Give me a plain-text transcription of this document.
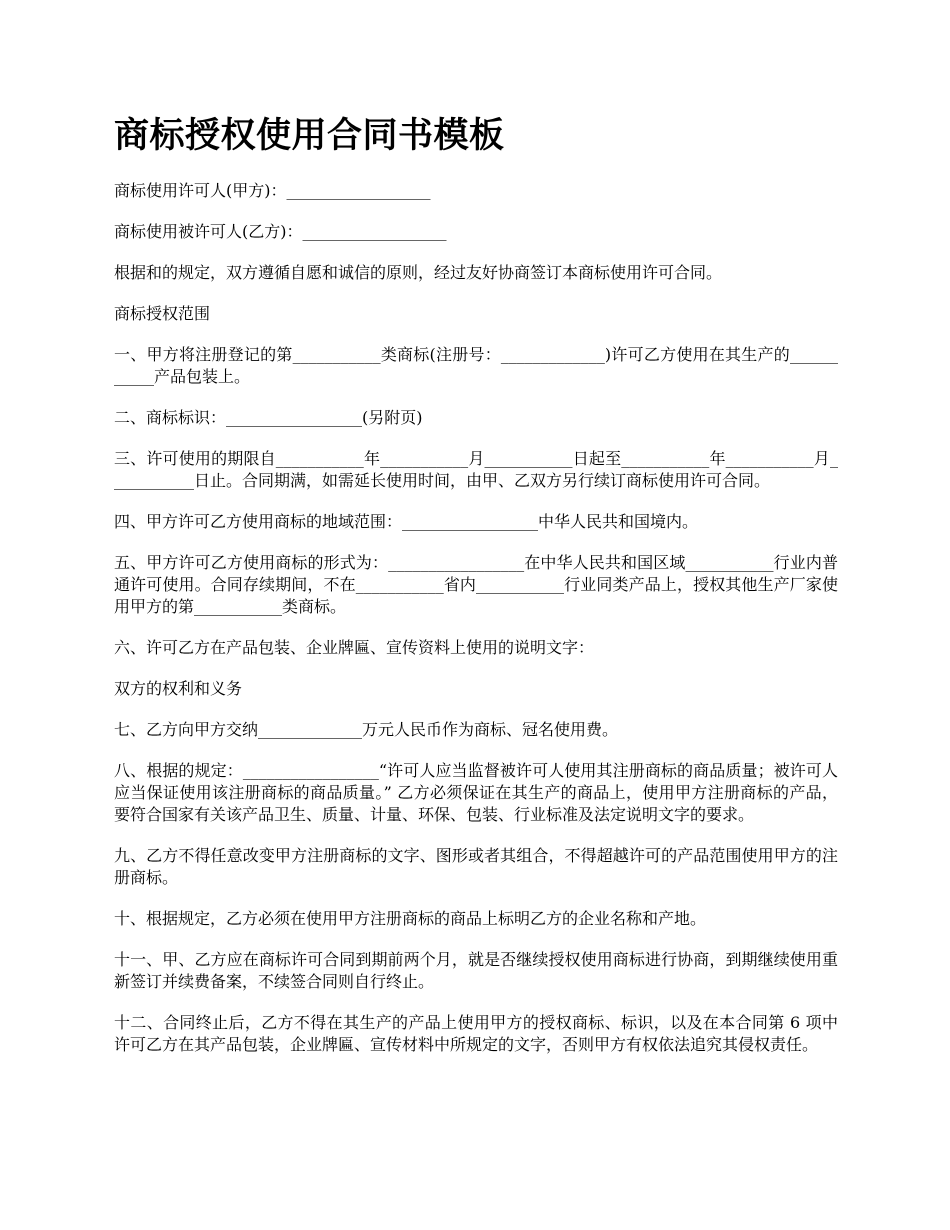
商标授权使用合同书模板

商标使用许可人(甲方)：__________________

商标使用被许可人(乙方)：__________________

根据和的规定，双方遵循自愿和诚信的原则，经过友好协商签订本商标使用许可合同。

商标授权范围

一、甲方将注册登记的第___________类商标(注册号：_____________)许可乙方使用在其生产的___________产品包装上。

二、商标标识：_________________(另附页)

三、许可使用的期限自___________年___________月___________日起至___________年___________月___________日止。合同期满，如需延长使用时间，由甲、乙双方另行续订商标使用许可合同。

四、甲方许可乙方使用商标的地域范围：_________________中华人民共和国境内。

五、甲方许可乙方使用商标的形式为：_________________在中华人民共和国区域___________行业内普通许可使用。合同存续期间，不在___________省内___________行业同类产品上，授权其他生产厂家使用甲方的第___________类商标。

六、许可乙方在产品包装、企业牌匾、宣传资料上使用的说明文字：

双方的权利和义务

七、乙方向甲方交纳_____________万元人民币作为商标、冠名使用费。

八、根据的规定：_________________“许可人应当监督被许可人使用其注册商标的商品质量；被许可人应当保证使用该注册商标的商品质量。” 乙方必须保证在其生产的商品上，使用甲方注册商标的产品，要符合国家有关该产品卫生、质量、计量、环保、包装、行业标准及法定说明文字的要求。

九、乙方不得任意改变甲方注册商标的文字、图形或者其组合，不得超越许可的产品范围使用甲方的注册商标。

十、根据规定，乙方必须在使用甲方注册商标的商品上标明乙方的企业名称和产地。

十一、甲、乙方应在商标许可合同到期前两个月，就是否继续授权使用商标进行协商，到期继续使用重新签订并续费备案，不续签合同则自行终止。

十二、合同终止后，乙方不得在其生产的产品上使用甲方的授权商标、标识，以及在本合同第 6 项中许可乙方在其产品包装，企业牌匾、宣传材料中所规定的文字，否则甲方有权依法追究其侵权责任。
